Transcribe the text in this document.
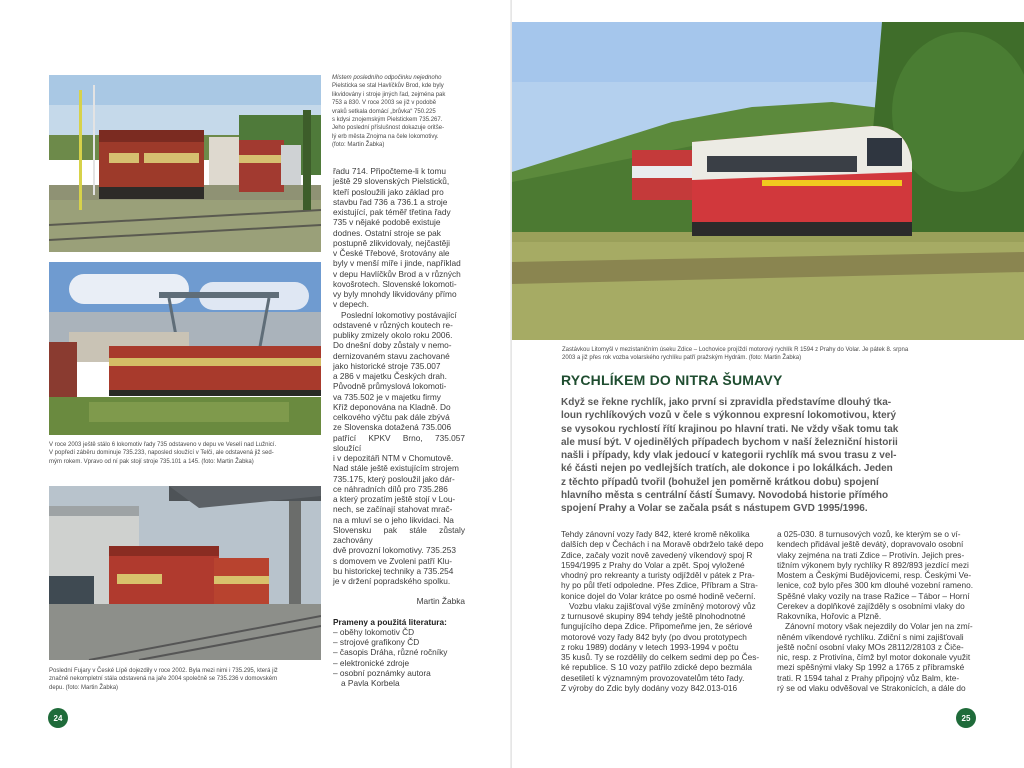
Místem posledního odpočinku nejednoho
Pielsticka se stal Havlíčkův Brod, kde byly
likvidovány i stroje jiných řad, zejména pak
753 a 830. V roce 2003 se již v podobě
vraků setkala domácí „brůvka“ 750.225
s kdysi znojemským Pielstickem 735.267.
Jeho poslední příslušnost dokazuje oritše-
lý erb města Znojma na čele lokomotivy.
(foto: Martin Žabka)
V roce 2003 ještě stálo 6 lokomotiv řady 735 odstaveno v depu ve Veselí nad Lužnicí.
V popředí záběru dominuje 735.233, naposled sloužící v Telči, ale odstavená již sed-
mým rokem. Vpravo od ní pak stojí stroje 735.101 a 145. (foto: Martin Žabka)
Poslední Fujary v České Lípě dojezdily v roce 2002. Byla mezi nimi i 735.295, která již
značně nekompletní stála odstavená na jaře 2004 společně se 735.236 v domovském
depu. (foto: Martin Žabka)
řadu 714. Připočteme-li k tomu
ještě 29 slovenských Pielsticků,
kteří posloužili jako základ pro
stavbu řad 736 a 736.1 a stroje
existující, pak téměř třetina řady
735 v nějaké podobě existuje
dodnes. Ostatní stroje se pak
postupně zlikvidovaly, nejčastěji
v České Třebové, šrotovány ale
byly v menší míře i jinde, například
v depu Havlíčkův Brod a v různých
kovošrotech. Slovenské lokomoti-
vy byly mnohdy likvidovány přímo
v depech.
Poslední lokomotivy postávající
odstavené v různých koutech re-
publiky zmizely okolo roku 2006.
Do dnešní doby zůstaly v nemo-
dernizovaném stavu zachované
jako historické stroje 735.007
a 286 v majetku Českých drah.
Původně průmyslová lokomoti-
va 735.502 je v majetku firmy
Kříž deponována na Kladně. Do
celkového výčtu pak dále zbývá
ze Slovenska dotažená 735.006
patřící KPKV Brno, 735.057 sloužící
i v depozitáři NTM v Chomutově.
Nad stále ještě existujícím strojem
735.175, který posloužil jako dár-
ce náhradních dílů pro 735.286
a který prozatím ještě stojí v Lou-
nech, se začínají stahovat mrač-
na a mluví se o jeho likvidaci. Na
Slovensku pak stále zůstaly zachovány
dvě provozní lokomotivy. 735.253
s domovem ve Zvoleni patří Klu-
bu historickej techniky a 735.254
je v držení popradského spolku.
Martin Žabka
Prameny a použitá literatura:
– oběhy lokomotiv ČD
– strojové grafikony ČD
– časopis Dráha, různé ročníky
– elektronické zdroje
– osobní poznámky autora
a Pavla Korbela
24
Zastávkou Litomyšl v mezistaničním úseku Zdice – Lochovice projíždí motorový rychlík R 1594 z Prahy do Volar. Je pátek 8. srpna
2003 a již přes rok vozba volarského rychlíku patří pražským Hydrám. (foto: Martin Žabka)
RYCHLÍKEM DO NITRA ŠUMAVY
Když se řekne rychlík, jako první si zpravidla představíme dlouhý tka-
loun rychlíkových vozů v čele s výkonnou expresní lokomotivou, který
se vysokou rychlostí řítí krajinou po hlavní trati. Ne vždy však tomu tak
ale musí být. V ojedinělých případech bychom v naší železniční historii
našli i případy, kdy vlak jedoucí v kategorii rychlík má svou trasu z vel-
ké části nejen po vedlejších tratích, ale dokonce i po lokálkách. Jeden
z těchto případů tvořil (bohužel jen poměrně krátkou dobu) spojení
hlavního města s centrální částí Šumavy. Novodobá historie přímého
spojení Prahy a Volar se začala psát s nástupem GVD 1995/1996.
Tehdy zánovní vozy řady 842, které kromě několika
dalších dep v Čechách i na Moravě obdrželo také depo
Zdice, začaly vozit nově zavedený víkendový spoj R
1594/1995 z Prahy do Volar a zpět. Spoj vyložené
vhodný pro rekreanty a turisty odjížděl v pátek z Pra-
hy po půl třetí odpoledne. Přes Zdice, Příbram a Stra-
konice dojel do Volar krátce po osmé hodině večerní.
Vozbu vlaku zajišťoval výše zmíněný motorový vůz
z turnusové skupiny 894 tehdy ještě plnohodnotné
fungujícího depa Zdice. Připomeňme jen, že sériové
motorové vozy řady 842 byly (po dvou prototypech
z roku 1989) dodány v letech 1993-1994 v počtu
35 kusů. Ty se rozdělily do celkem sedmi dep po Čes-
ké republice. S 10 vozy patřilo zdické depo bezmála
desetiletí k významným provozovatelům této řady.
Z výroby do Zdic byly dodány vozy 842.013-016
a 025-030. 8 turnusových vozů, ke kterým se o ví-
kendech přidával ještě devátý, dopravovalo osobní
vlaky zejména na trati Zdice – Protivín. Jejich pres-
tižním výkonem byly rychlíky R 892/893 jezdící mezi
Mostem a Českými Budějovicemi, resp. Českými Ve-
lenice, což bylo přes 300 km dlouhé vozební rameno.
Spěšné vlaky vozily na trase Ražice – Tábor – Horní
Cerekev a doplňkové zajížděly s osobními vlaky do
Rakovníka, Hořovic a Plzně.
Zánovní motory však nejezdily do Volar jen na zmí-
něném víkendové rychlíku. Zdiční s nimi zajišťovali
ještě noční osobní vlaky MOs 28112/28103 z Čiče-
nic, resp. z Protivína, čímž byl motor dokonale využit
mezi spěšnými vlaky Sp 1992 a 1765 z příbramské
trati. R 1594 tahal z Prahy připojný vůz Balm, kte-
rý se od vlaku odvěšoval ve Strakonicích, a dále do
25
